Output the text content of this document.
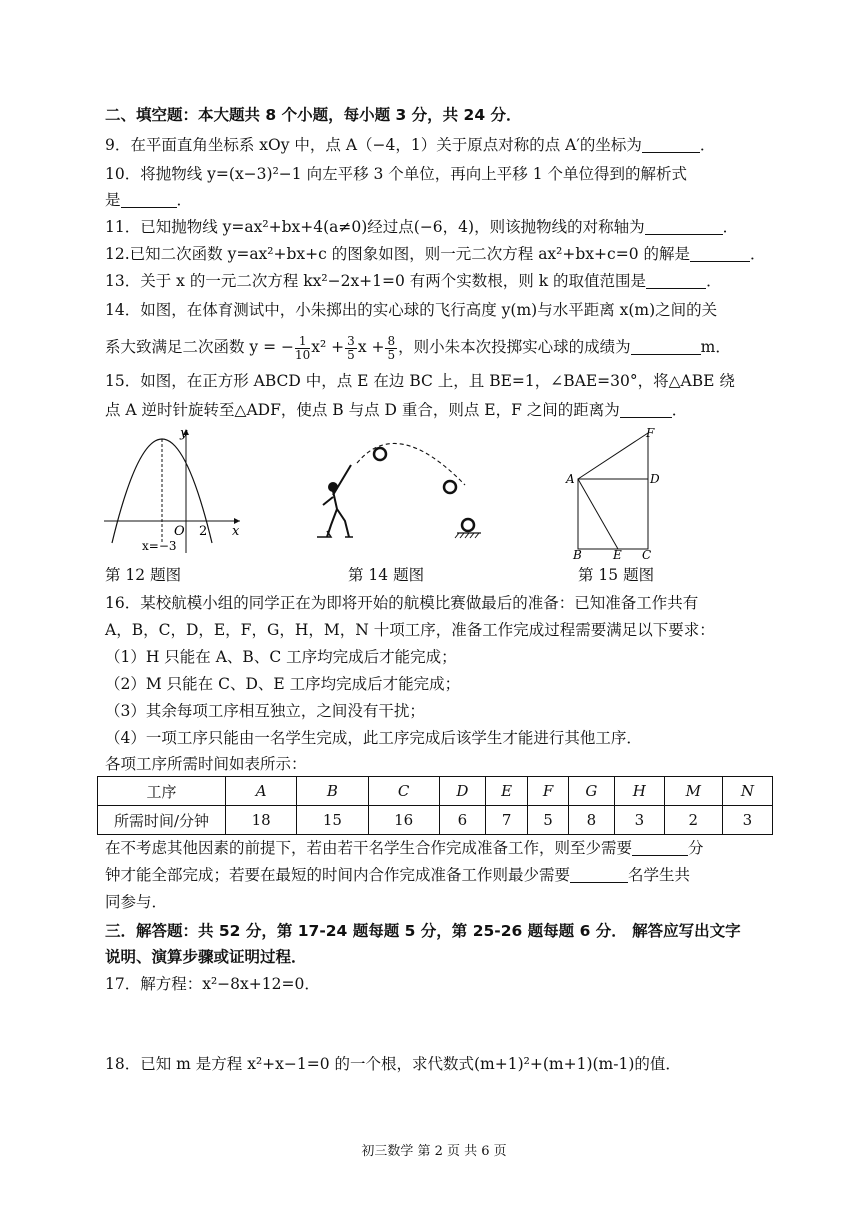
二、填空题：本大题共 8 个小题，每小题 3 分，共 24 分．
9．在平面直角坐标系 xOy 中，点 A（−4，1）关于原点对称的点 A′的坐标为	．
10．将抛物线 y=(x−3)²−1 向左平移 3 个单位，再向上平移 1 个单位得到的解析式
是	．
11．已知抛物线 y=ax²+bx+4(a≠0)经过点(−6，4)，则该抛物线的对称轴为	．
12.已知二次函数 y=ax²+bx+c 的图象如图，则一元二次方程 ax²+bx+c=0 的解是	．
13．关于 x 的一元二次方程 kx²−2x+1=0 有两个实数根，则 k 的取值范围是	．
14．如图，在体育测试中，小朱掷出的实心球的飞行高度 y(m)与水平距离 x(m)之间的关
系大致满足二次函数 y = − $\frac{1}{10} x^2 + \frac{3}{5}$ $x + \frac{8}{5}$ ，则小朱本次投掷实心球的成绩为	m．
15．如图，在正方形 ABCD 中，点 E 在边 BC 上，且 BE=1，∠BAE=30°，将△ABE 绕
点 A 逆时针旋转至△ADF，使点 B 与点 D 重合，则点 E，F 之间的距离为	．
y
x
O 2
x=−3
F
A	D
B	E C
第 12 题图	第 14 题图	第 15 题图
16．某校航模小组的同学正在为即将开始的航模比赛做最后的准备：已知准备工作共有
A，B，C，D，E，F，G，H，M，N 十项工序，准备工作完成过程需要满足以下要求：
（1）H 只能在 A、B、C 工序均完成后才能完成；
（2）M 只能在 C、D、E 工序均完成后才能完成；
（3）其余每项工序相互独立，之间没有干扰；
（4）一项工序只能由一名学生完成，此工序完成后该学生才能进行其他工序．
各项工序所需时间如表所示：
工序	A	B	C	D	E	F	G	H	M	N
所需时间/分钟	18	15	16	6	7	5	8	3	2	3
在不考虑其他因素的前提下，若由若干名学生合作完成准备工作，则至少需要	分
钟才能全部完成；若要在最短的时间内合作完成准备工作则最少需要	名学生共
同参与．
三．解答题：共 52 分，第 17-24 题每题 5 分，第 25-26 题每题 6 分． 解答应写出文字
说明、演算步骤或证明过程．
17．解方程：x²−8x+12=0．
18．已知 m 是方程 x²+x−1=0 的一个根，求代数式(m+1)²+(m+1)(m-1)的值．
初三数学 第 2 页 共 6 页
